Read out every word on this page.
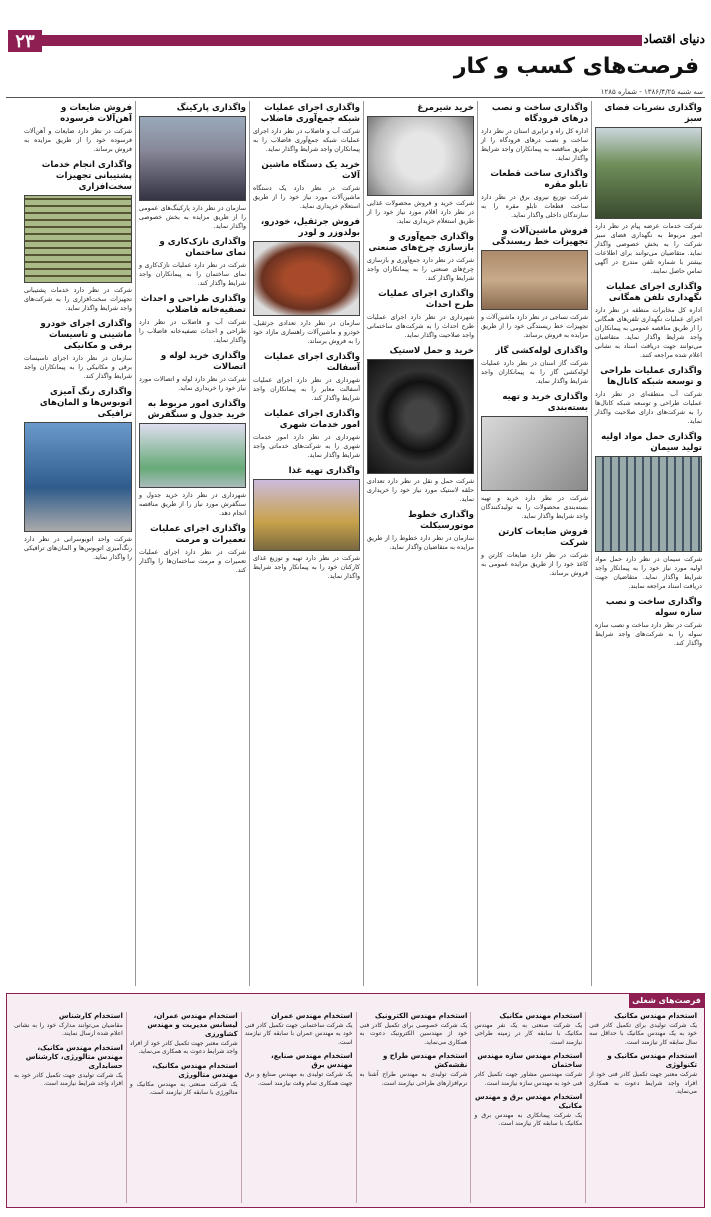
۲۳	دنیای اقتصاد
فرصت‌های کسب و کار
سه شنبه ۱۳۸۶/۴/۲۵ - شماره ۱۲۸۵
واگذاری نشریات فضای سبز

شرکت خدمات عرضه پیام در نظر دارد امور مربوط به نگهداری فضای سبز شرکت را به بخش خصوصی واگذار نماید. متقاضیان می‌توانند برای اطلاعات بیشتر با شماره تلفن مندرج در آگهی تماس حاصل نمایند.

واگذاری اجرای عملیات نگهداری تلفن همگانی

اداره کل مخابرات منطقه در نظر دارد اجرای عملیات نگهداری تلفن‌های همگانی را از طریق مناقصه عمومی به پیمانکاران واجد شرایط واگذار نماید. متقاضیان می‌توانند جهت دریافت اسناد به نشانی اعلام شده مراجعه کنند.

واگذاری عملیات طراحی و توسعه شبکه کانال‌ها

شرکت آب منطقه‌ای در نظر دارد عملیات طراحی و توسعه شبکه کانال‌ها را به شرکت‌های دارای صلاحیت واگذار نماید.

واگذاری حمل مواد اولیه تولید سیمان

شرکت سیمان در نظر دارد حمل مواد اولیه مورد نیاز خود را به پیمانکار واجد شرایط واگذار نماید. متقاضیان جهت دریافت اسناد مراجعه نمایند.

واگذاری ساخت و نصب سازه سوله

شرکت در نظر دارد ساخت و نصب سازه سوله را به شرکت‌های واجد شرایط واگذار کند.

واگذاری ساخت و نصب درهای فرودگاه

اداره کل راه و ترابری استان در نظر دارد ساخت و نصب درهای فرودگاه را از طریق مناقصه به پیمانکاران واجد شرایط واگذار نماید.

واگذاری ساخت قطعات تابلو مقره

شرکت توزیع نیروی برق در نظر دارد ساخت قطعات تابلو مقره را به سازندگان داخلی واگذار نماید.

فروش ماشین‌آلات و تجهیزات خط ریسندگی

شرکت نساجی در نظر دارد ماشین‌آلات و تجهیزات خط ریسندگی خود را از طریق مزایده به فروش برساند.

واگذاری لوله‌کشی گاز

شرکت گاز استان در نظر دارد عملیات لوله‌کشی گاز را به پیمانکاران واجد شرایط واگذار نماید.

واگذاری خرید و تهیه بسته‌بندی

شرکت در نظر دارد خرید و تهیه بسته‌بندی محصولات را به تولیدکنندگان واجد شرایط واگذار نماید.

فروش ضایعات کارتن شرکت

شرکت در نظر دارد ضایعات کارتن و کاغذ خود را از طریق مزایده عمومی به فروش برساند.

خرید شیرمرغ

شرکت خرید و فروش محصولات غذایی در نظر دارد اقلام مورد نیاز خود را از طریق استعلام خریداری نماید.

واگذاری جمع‌آوری و بازسازی چرخ‌های صنعتی

شرکت در نظر دارد جمع‌آوری و بازسازی چرخ‌های صنعتی را به پیمانکاران واجد شرایط واگذار کند.

واگذاری اجرای عملیات طرح احداث

شهرداری در نظر دارد اجرای عملیات طرح احداث را به شرکت‌های ساختمانی واجد صلاحیت واگذار نماید.

خرید و حمل لاستیک

شرکت حمل و نقل در نظر دارد تعدادی حلقه لاستیک مورد نیاز خود را خریداری نماید.

واگذاری خطوط موتورسیکلت

سازمان در نظر دارد خطوط را از طریق مزایده به متقاضیان واگذار نماید.

واگذاری اجرای عملیات شبکه جمع‌آوری فاضلاب

شرکت آب و فاضلاب در نظر دارد اجرای عملیات شبکه جمع‌آوری فاضلاب را به پیمانکاران واجد شرایط واگذار نماید.

خرید یک دستگاه ماشین آلات

شرکت در نظر دارد یک دستگاه ماشین‌آلات مورد نیاز خود را از طریق استعلام خریداری نماید.

فروش جرثقیل، خودرو، بولدوزر و لودر

سازمان در نظر دارد تعدادی جرثقیل، خودرو و ماشین‌آلات راهسازی مازاد خود را به فروش برساند.

واگذاری اجرای عملیات آسفالت

شهرداری در نظر دارد اجرای عملیات آسفالت معابر را به پیمانکاران واجد شرایط واگذار کند.

واگذاری اجرای عملیات امور خدمات شهری

شهرداری در نظر دارد امور خدمات شهری را به شرکت‌های خدماتی واجد شرایط واگذار نماید.

واگذاری تهیه غذا

شرکت در نظر دارد تهیه و توزیع غذای کارکنان خود را به پیمانکار واجد شرایط واگذار نماید.

واگذاری پارکینگ

سازمان در نظر دارد پارکینگ‌های عمومی را از طریق مزایده به بخش خصوصی واگذار نماید.

واگذاری نازک‌کاری و نمای ساختمان

شرکت در نظر دارد عملیات نازک‌کاری و نمای ساختمان را به پیمانکاران واجد شرایط واگذار کند.

واگذاری طراحی و احداث تصفیه‌خانه فاضلاب

شرکت آب و فاضلاب در نظر دارد طراحی و احداث تصفیه‌خانه فاضلاب را واگذار نماید.

واگذاری خرید لوله و اتصالات

شرکت در نظر دارد لوله و اتصالات مورد نیاز خود را خریداری نماید.

واگذاری امور مربوط به خرید جدول و سنگفرش

شهرداری در نظر دارد خرید جدول و سنگفرش مورد نیاز را از طریق مناقصه انجام دهد.

واگذاری اجرای عملیات تعمیرات و مرمت

شرکت در نظر دارد اجرای عملیات تعمیرات و مرمت ساختمان‌ها را واگذار کند.

فروش ضایعات و آهن‌آلات فرسوده

شرکت در نظر دارد ضایعات و آهن‌آلات فرسوده خود را از طریق مزایده به فروش برساند.

واگذاری انجام خدمات پشتیبانی تجهیزات سخت‌افزاری

شرکت در نظر دارد خدمات پشتیبانی تجهیزات سخت‌افزاری را به شرکت‌های واجد شرایط واگذار نماید.

واگذاری اجرای خودرو ماشینی و تاسیسات برقی و مکانیکی

سازمان در نظر دارد اجرای تاسیسات برقی و مکانیکی را به پیمانکاران واجد شرایط واگذار کند.

واگذاری رنگ آمیزی اتوبوس‌ها و المان‌های ترافیکی

شرکت واحد اتوبوسرانی در نظر دارد رنگ‌آمیزی اتوبوس‌ها و المان‌های ترافیکی را واگذار نماید.

فرصت‌های شغلی
استخدام مهندس مکانیک

یک شرکت تولیدی برای تکمیل کادر فنی خود به یک مهندس مکانیک با حداقل سه سال سابقه کار نیازمند است.

استخدام مهندس مکانیک و تکنولوژی

شرکت معتبر جهت تکمیل کادر فنی خود از افراد واجد شرایط دعوت به همکاری می‌نماید.

استخدام مهندس مکانیک

یک شرکت صنعتی به یک نفر مهندس مکانیک با سابقه کار در زمینه طراحی نیازمند است.

استخدام مهندس سازه مهندس ساختمان

شرکت مهندسین مشاور جهت تکمیل کادر فنی خود به مهندس سازه نیازمند است.

استخدام مهندس برق و مهندس مکانیک

یک شرکت پیمانکاری به مهندس برق و مکانیک با سابقه کار نیازمند است.

استخدام مهندس الکترونیک

یک شرکت خصوصی برای تکمیل کادر فنی خود از مهندسین الکترونیک دعوت به همکاری می‌نماید.

استخدام مهندس طراح و نقشه‌کش

شرکت تولیدی به مهندس طراح آشنا به نرم‌افزارهای طراحی نیازمند است.

استخدام مهندس عمران

یک شرکت ساختمانی جهت تکمیل کادر فنی خود به مهندس عمران با سابقه کار نیازمند است.

استخدام مهندس صنایع، مهندس برق

یک شرکت تولیدی به مهندس صنایع و برق جهت همکاری تمام وقت نیازمند است.

استخدام مهندس عمران، لیسانس مدیریت و مهندس کشاورزی

شرکت معتبر جهت تکمیل کادر خود از افراد واجد شرایط دعوت به همکاری می‌نماید.

استخدام مهندس مکانیک، مهندس متالورژی

یک شرکت صنعتی به مهندس مکانیک و متالورژی با سابقه کار نیازمند است.

استخدام کارشناس

مقاضیان می‌توانند مدارک خود را به نشانی اعلام شده ارسال نمایند.

استخدام مهندس مکانیک، مهندس متالورژی، کارشناس حسابداری

یک شرکت تولیدی جهت تکمیل کادر خود به افراد واجد شرایط نیازمند است.
